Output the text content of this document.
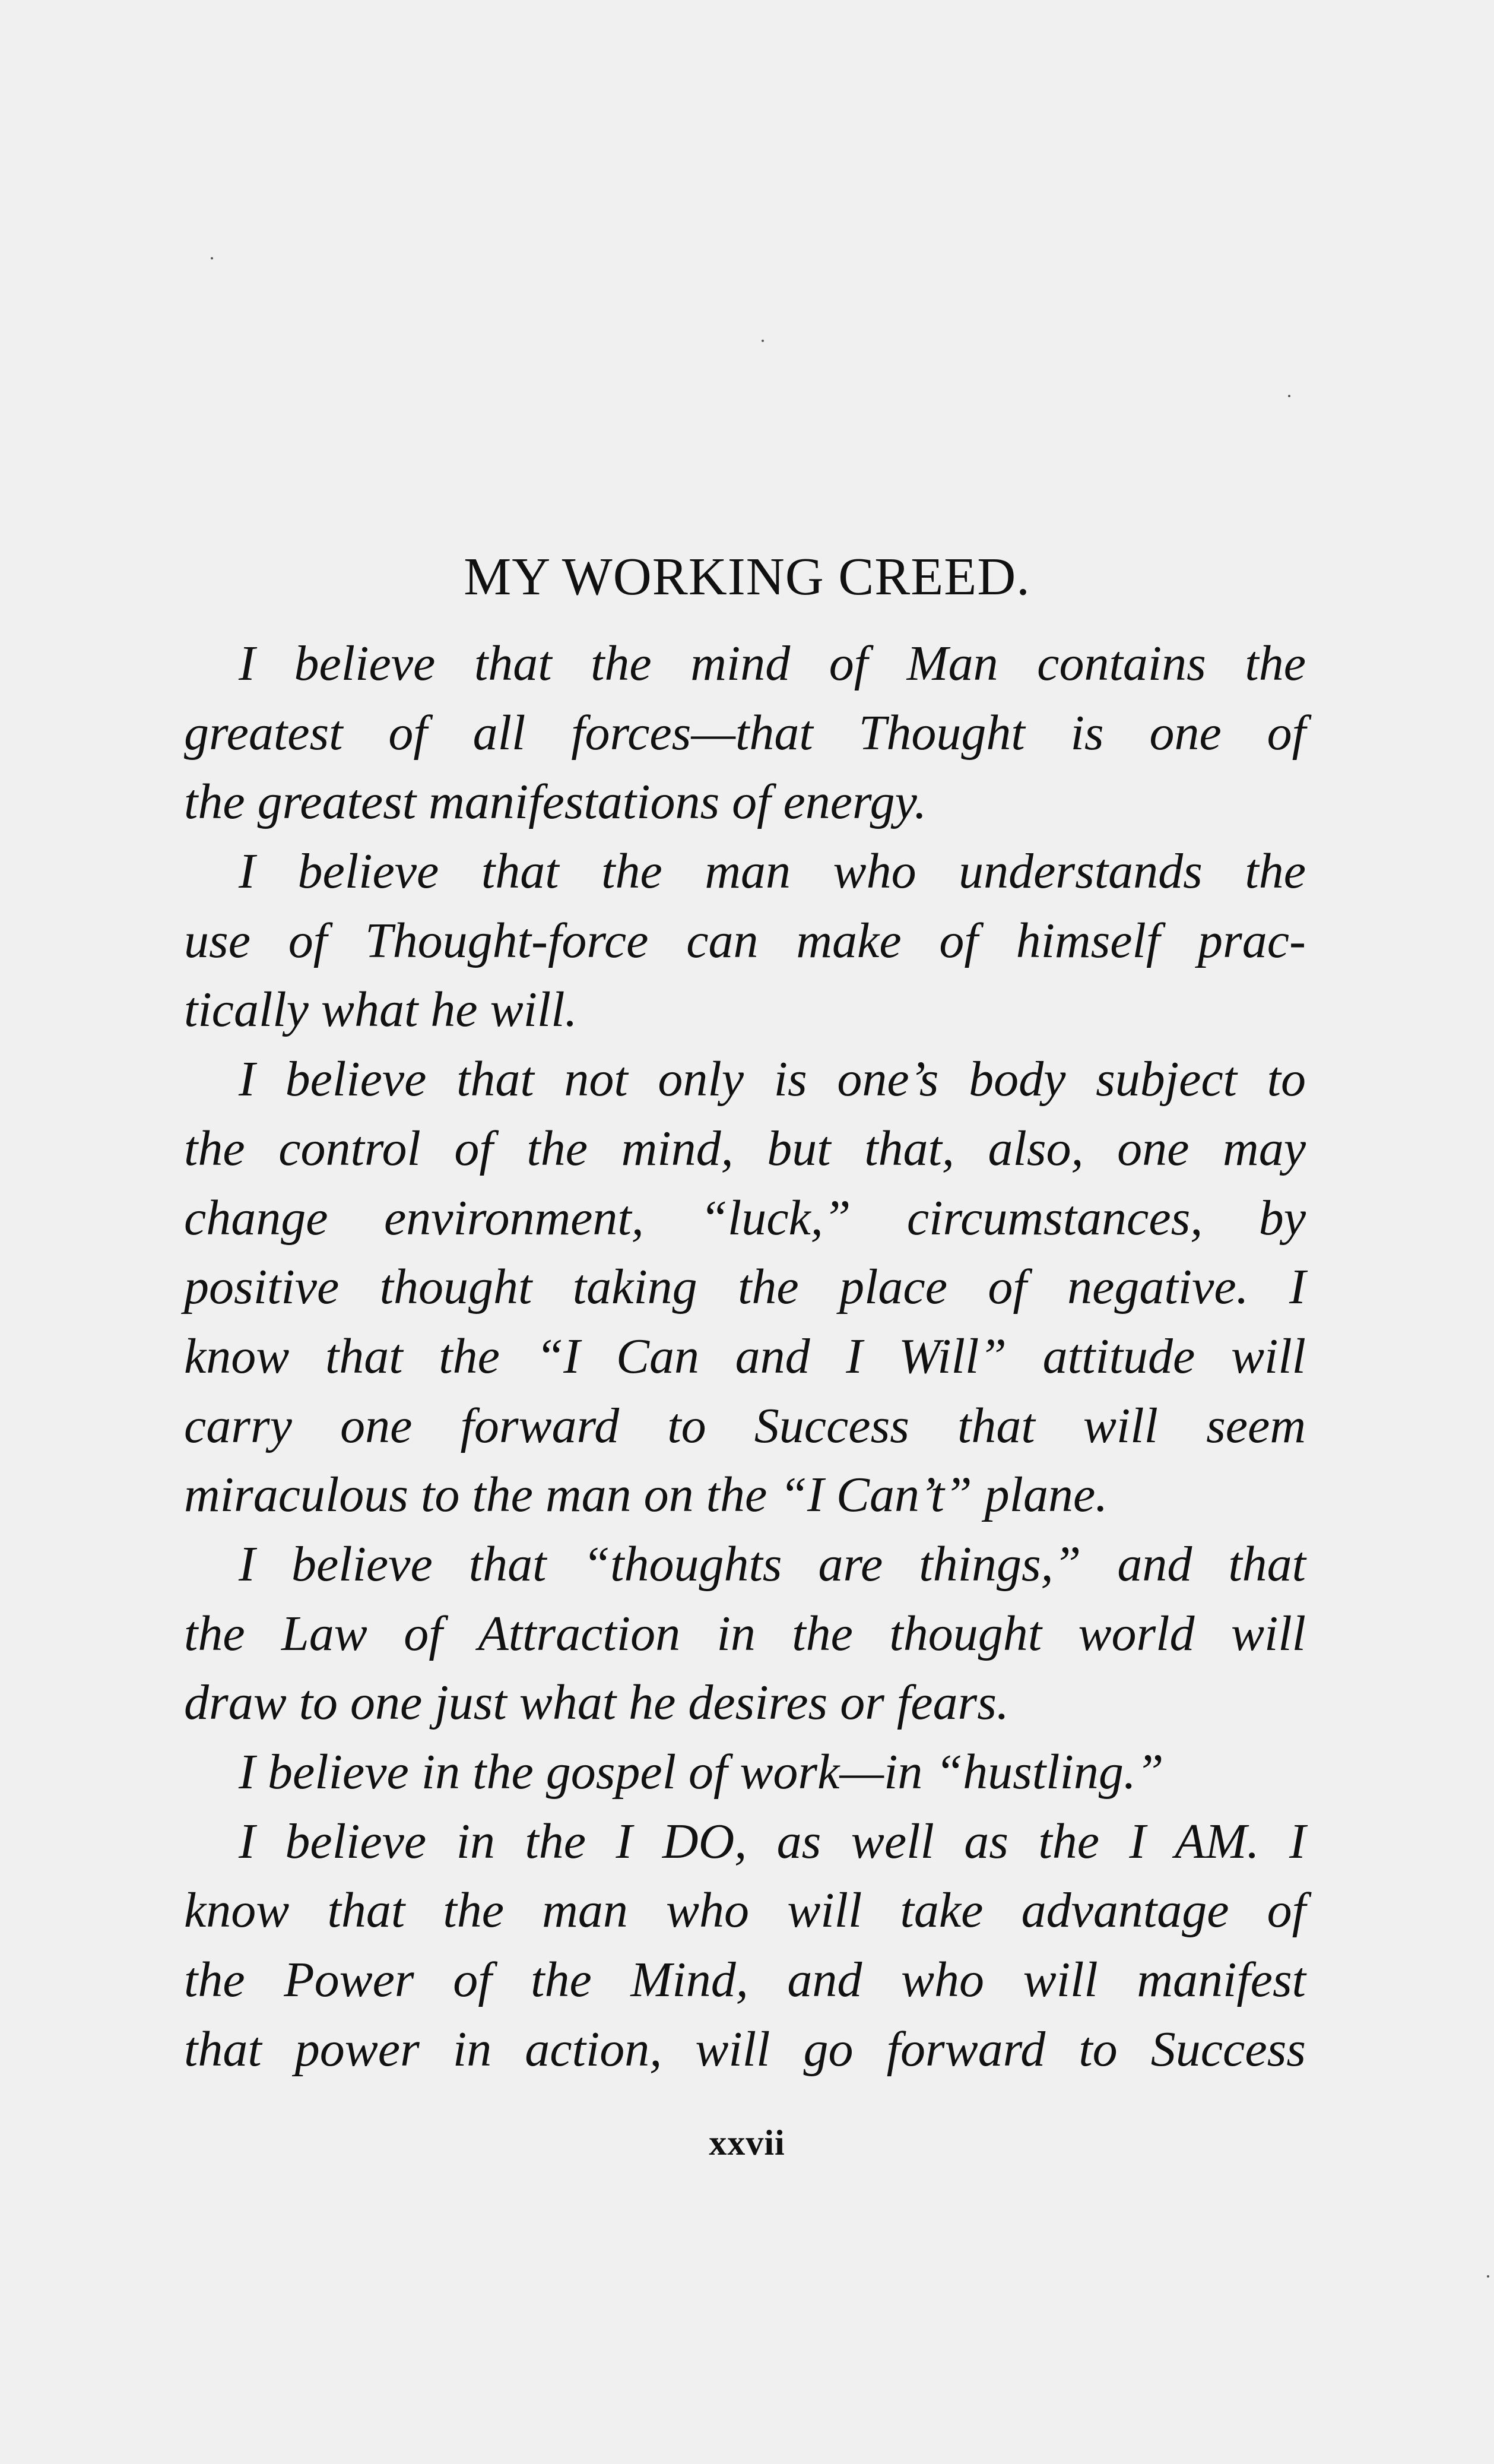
MY WORKING CREED.
I believe that the mind of Man contains the
greatest of all forces—that Thought is one of
the greatest manifestations of energy.
I believe that the man who understands the
use of Thought-force can make of himself prac-
tically what he will.
I believe that not only is one’s body subject to
the control of the mind, but that, also, one may
change environment, “luck,” circumstances, by
positive thought taking the place of negative. I
know that the “I Can and I Will” attitude will
carry one forward to Success that will seem
miraculous to the man on the “I Can’t” plane.
I believe that “thoughts are things,” and that
the Law of Attraction in the thought world will
draw to one just what he desires or fears.
I believe in the gospel of work—in “hustling.”
I believe in the I DO, as well as the I AM. I
know that the man who will take advantage of
the Power of the Mind, and who will manifest
that power in action, will go forward to Success
xxvii
